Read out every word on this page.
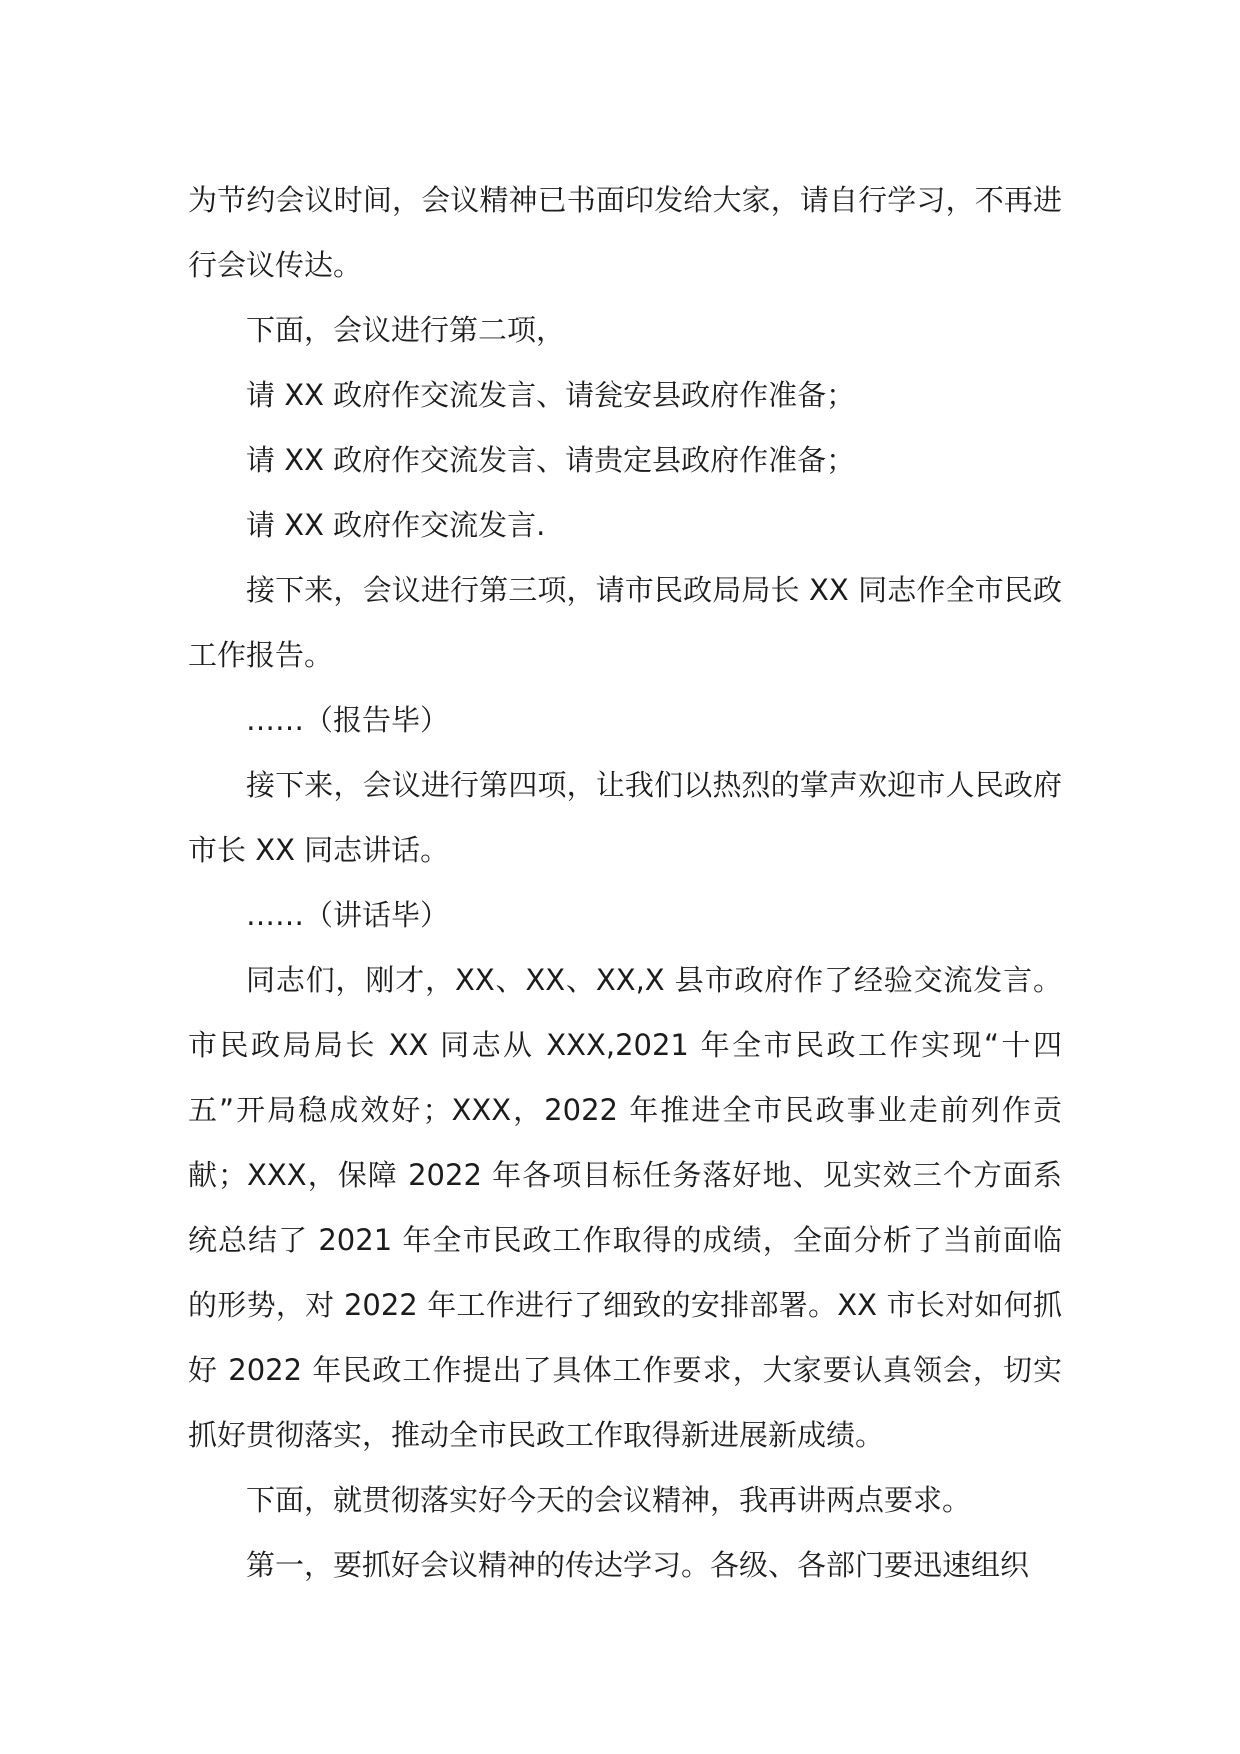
为节约会议时间，会议精神已书面印发给大家，请自行学习，不再进行会议传达。

下面，会议进行第二项，

请 XX 政府作交流发言、请瓮安县政府作准备；

请 XX 政府作交流发言、请贵定县政府作准备；

请 XX 政府作交流发言.

接下来，会议进行第三项，请市民政局局长 XX 同志作全市民政工作报告。

……（报告毕）

接下来，会议进行第四项，让我们以热烈的掌声欢迎市人民政府市长 XX 同志讲话。

……（讲话毕）

同志们，刚才，XX、XX、XX,X 县市政府作了经验交流发言。市民政局局长 XX 同志从 XXX,2021 年全市民政工作实现“十四五”开局稳成效好；XXX，2022 年推进全市民政事业走前列作贡献；XXX，保障 2022 年各项目标任务落好地、见实效三个方面系统总结了 2021 年全市民政工作取得的成绩，全面分析了当前面临的形势，对 2022 年工作进行了细致的安排部署。XX 市长对如何抓好 2022 年民政工作提出了具体工作要求，大家要认真领会，切实抓好贯彻落实，推动全市民政工作取得新进展新成绩。

下面，就贯彻落实好今天的会议精神，我再讲两点要求。

第一，要抓好会议精神的传达学习。各级、各部门要迅速组织
